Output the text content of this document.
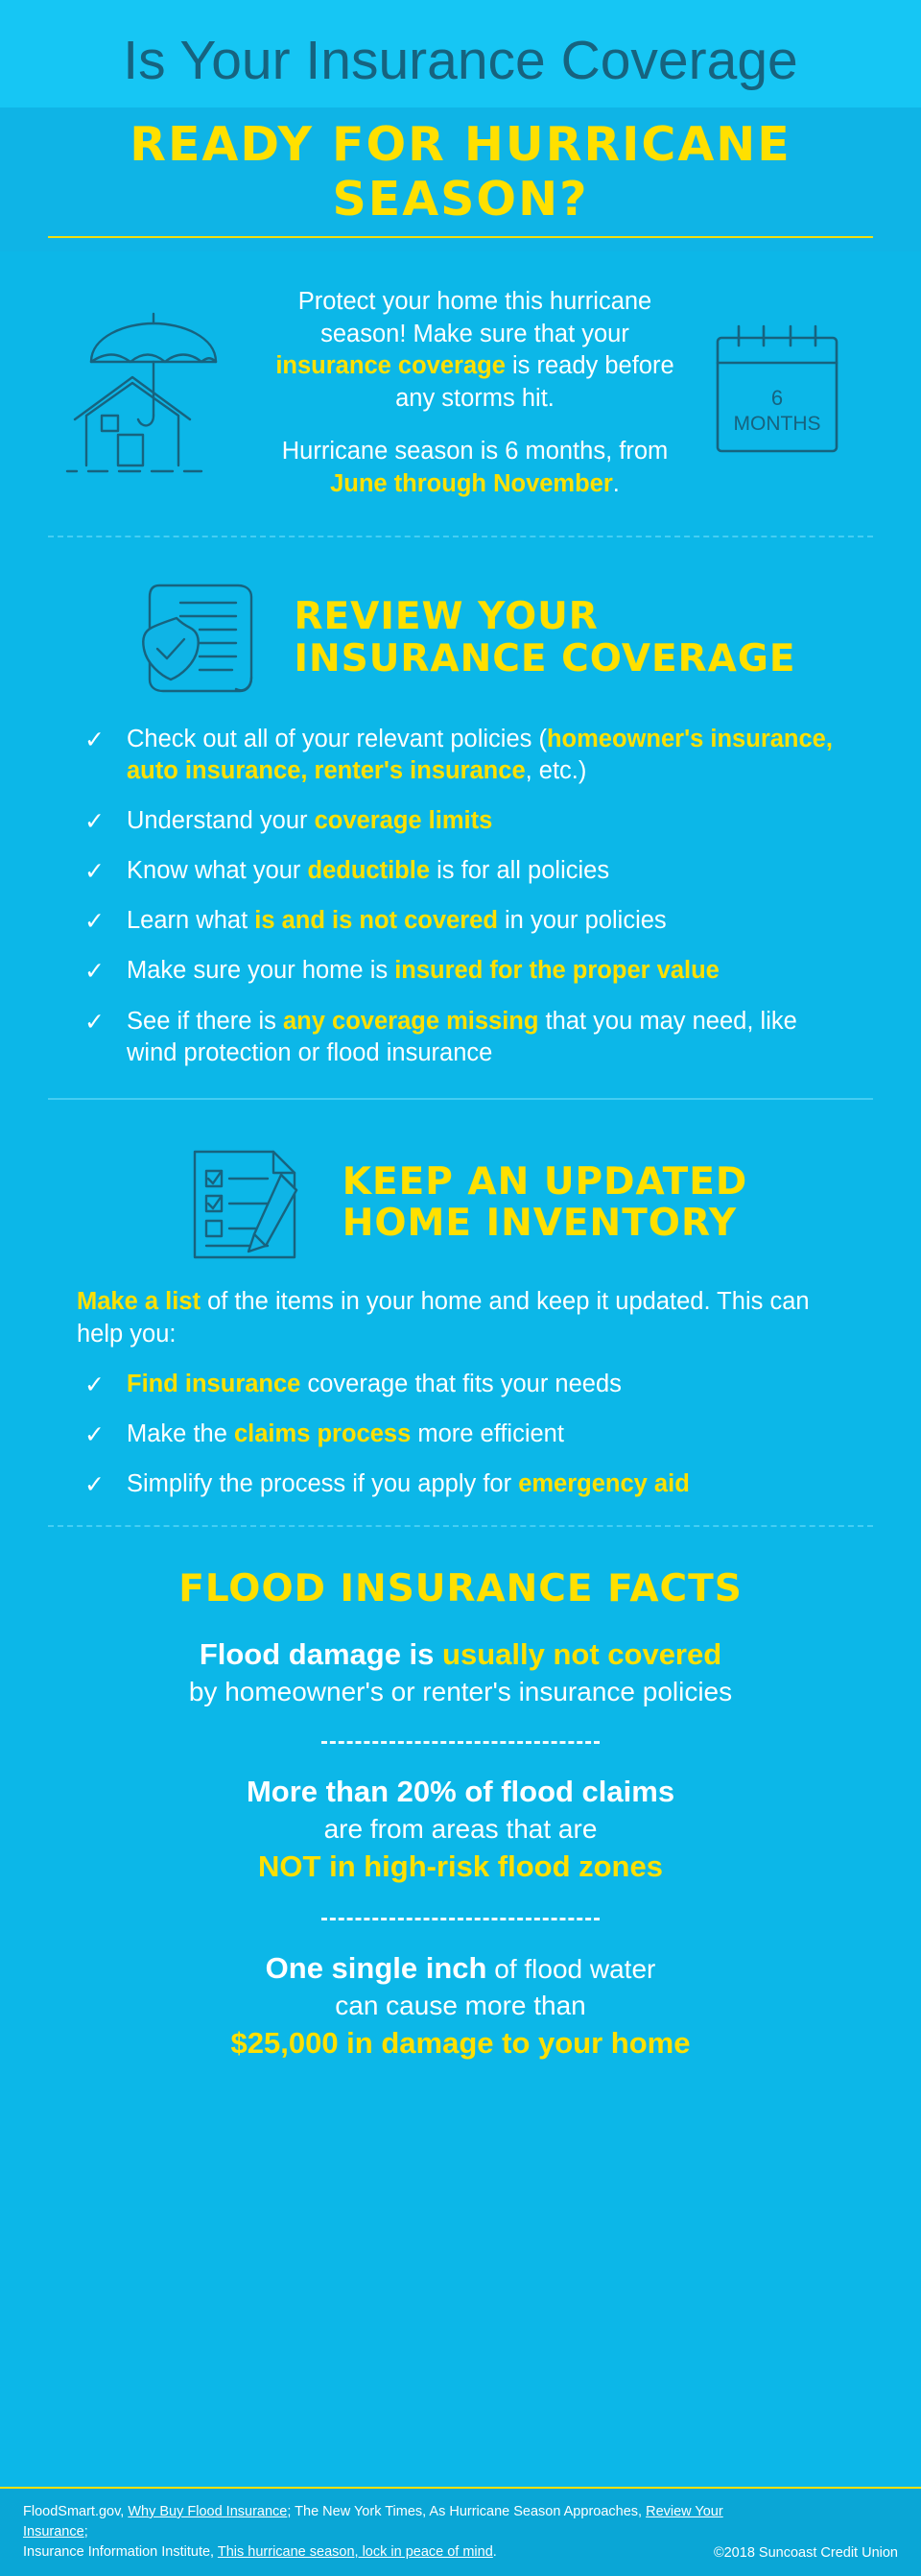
Is Your Insurance Coverage
READY FOR HURRICANE SEASON?

Protect your home this hurricane season! Make sure that your insurance coverage is ready before any storms hit.

Hurricane season is 6 months, from June through November.

6
MONTHS
REVIEW YOUR
INSURANCE COVERAGE
✓ Check out all of your relevant policies (homeowner's insurance, auto insurance, renter's insurance, etc.)
✓ Understand your coverage limits
✓ Know what your deductible is for all policies
✓ Learn what is and is not covered in your policies
✓ Make sure your home is insured for the proper value
✓ See if there is any coverage missing that you may need, like wind protection or flood insurance
KEEP AN UPDATED
HOME INVENTORY

Make a list of the items in your home and keep it updated. This can help you:

✓ Find insurance coverage that fits your needs
✓ Make the claims process more efficient
✓ Simplify the process if you apply for emergency aid
FLOOD INSURANCE FACTS
Flood damage is usually not covered
by homeowner's or renter's insurance policies
More than 20% of flood claims
are from areas that are
NOT in high-risk flood zones
One single inch of flood water
can cause more than
$25,000 in damage to your home
FloodSmart.gov, Why Buy Flood Insurance; The New York Times, As Hurricane Season Approaches, Review Your Insurance;
Insurance Information Institute, This hurricane season, lock in peace of mind.	©2018 Suncoast Credit Union
